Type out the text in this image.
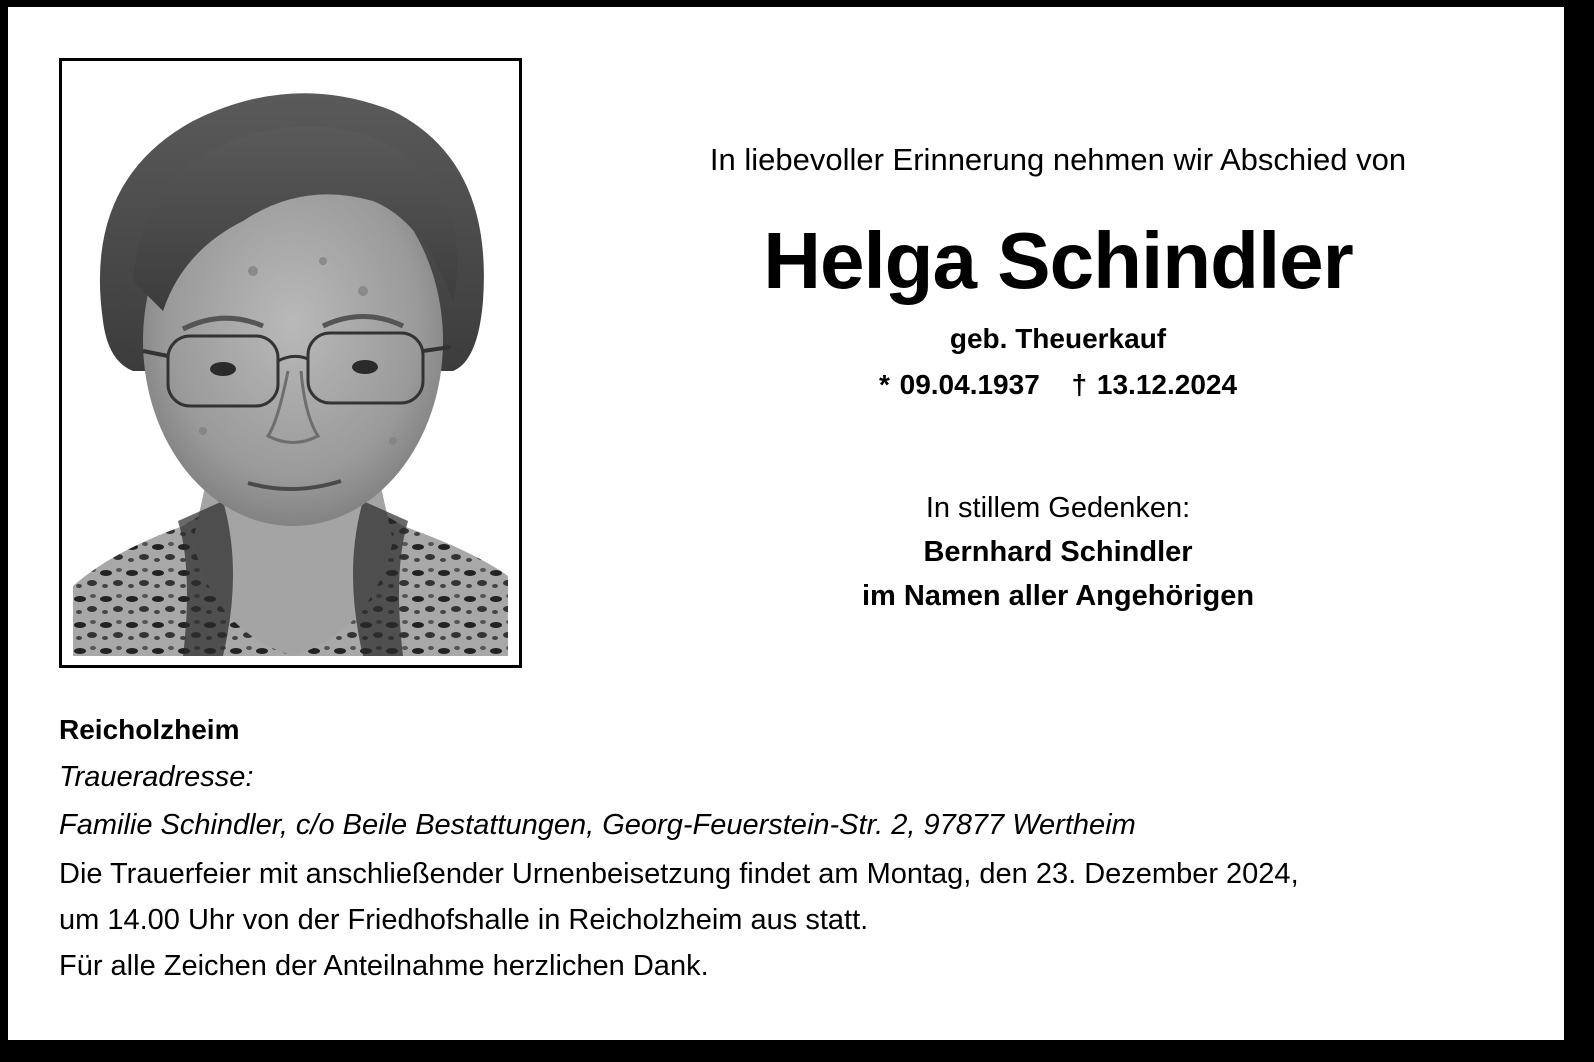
In liebevoller Erinnerung nehmen wir Abschied von
Helga Schindler
geb. Theuerkauf
* 09.04.1937 † 13.12.2024
In stillem Gedenken:
Bernhard Schindler
im Namen aller Angehörigen
Reicholzheim
Traueradresse:
Familie Schindler, c/o Beile Bestattungen, Georg-Feuerstein-Str. 2, 97877 Wertheim
Die Trauerfeier mit anschließender Urnenbeisetzung findet am Montag, den 23. Dezember 2024,
um 14.00 Uhr von der Friedhofshalle in Reicholzheim aus statt.
Für alle Zeichen der Anteilnahme herzlichen Dank.
